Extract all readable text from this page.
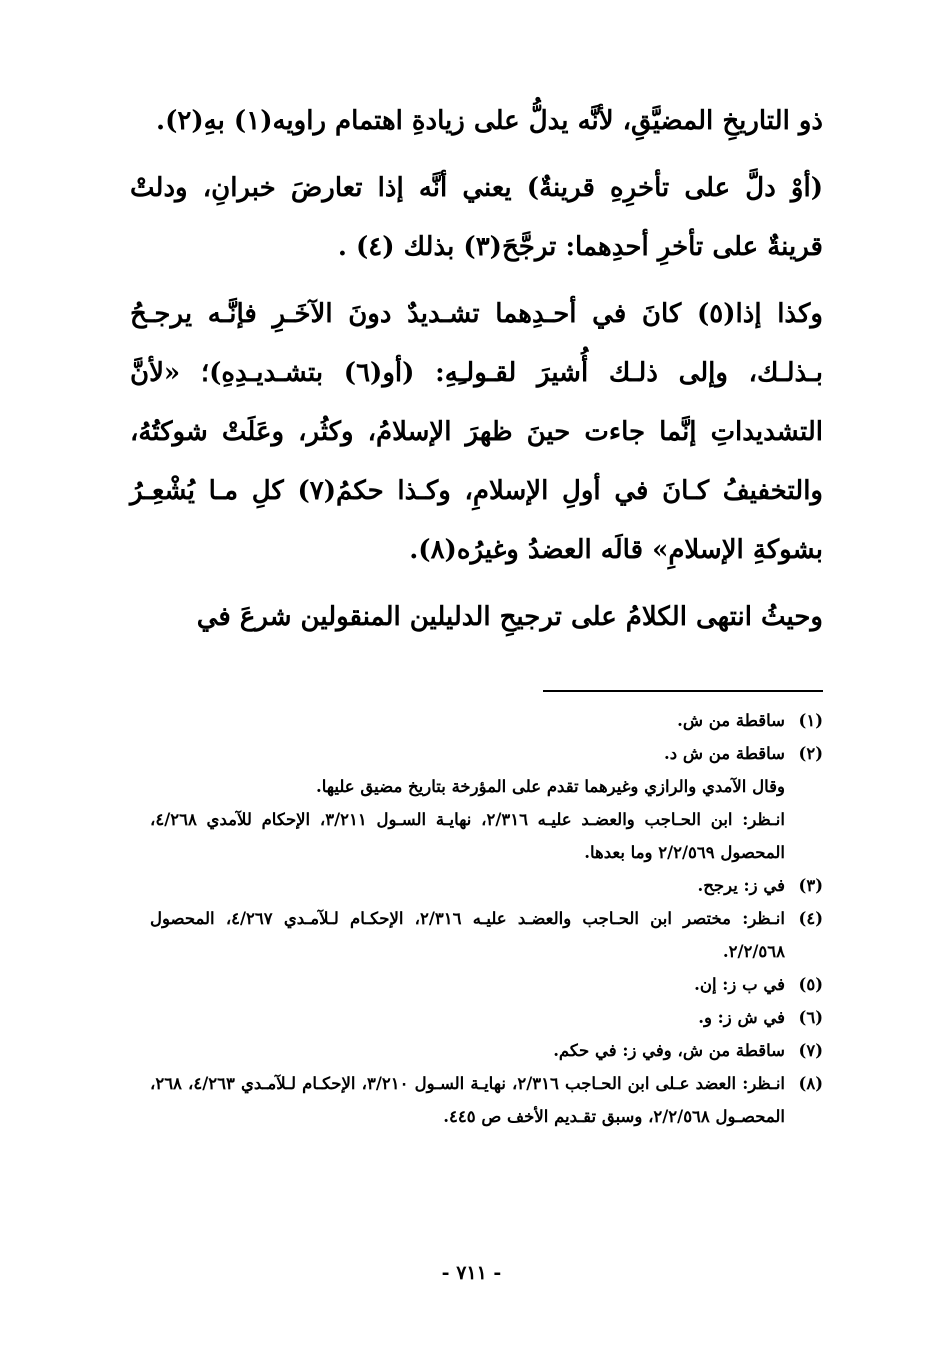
ذو التاريخِ المضيَّقِ، لأنَّه يدلُّ على زيادةِ اهتمام راويه(١) بهِ(٢).

(أوْ دلَّ على تأخرِهِ قرينةٌ) يعني أنَّه إذا تعارضَ خبرانِ، ودلتْ قرينةٌ على تأخرِ أحدِهما: ترجَّحَ(٣) بذلك (٤) .

وكذا إذا(٥) كانَ في أحـدِهما تشـديدٌ دونَ الآخَـرِ فإنَّـه يرجـحُ بـذلـك، وإلى ذلـك أُشيرَ لقـولـِهِ: (أو(٦) بتشـديـدِهِ)؛ «لأنَّ التشديداتِ إنَّما جاءت حينَ ظهرَ الإسلامُ، وكثُر، وعَلَتْ شوكتُهُ، والتخفيفُ كـانَ في أولِ الإسلامِ، وكـذا حكمُ(٧) كلِ مـا يُشْعِـرُ بشوكةِ الإسلامِ» قالَه العضدُ وغيرُه(٨).

وحيثُ انتهى الكلامُ على ترجيحِ الدليلين المنقولين شرعَ في

(١)
ساقطة من ش.
(٢)
ساقطة من ش د.
وقال الآمدي والرازي وغيرهما تقدم على المؤرخة بتاريخ مضيق عليها.
انـظر: ابن الحـاجب والعضـد عليـه ٢/٣١٦، نهايـة السـول ٣/٢١١، الإحكام للآمدي ٤/٢٦٨، المحصول ٢/٢/٥٦٩ وما بعدها.
(٣)
في ز: يرجح.
(٤)
انـظر: مختصر ابن الحـاجب والعضـد عليـه ٢/٣١٦، الإحكـام لـلآمـدي ٤/٢٦٧، المحصول ٢/٢/٥٦٨.
(٥)
في ب ز: إن.
(٦)
في ش ز: و.
(٧)
ساقطة من ش، وفي ز: في حكم.
(٨)
انـظر: العضد عـلى ابن الحـاجب ٢/٣١٦، نهايـة السـول ٣/٢١٠، الإحكـام لـلآمـدي ٤/٢٦٣، ٢٦٨، المحصـول ٢/٢/٥٦٨، وسبق تقـديم الأخف ص ٤٤٥.
- ٧١١ -
